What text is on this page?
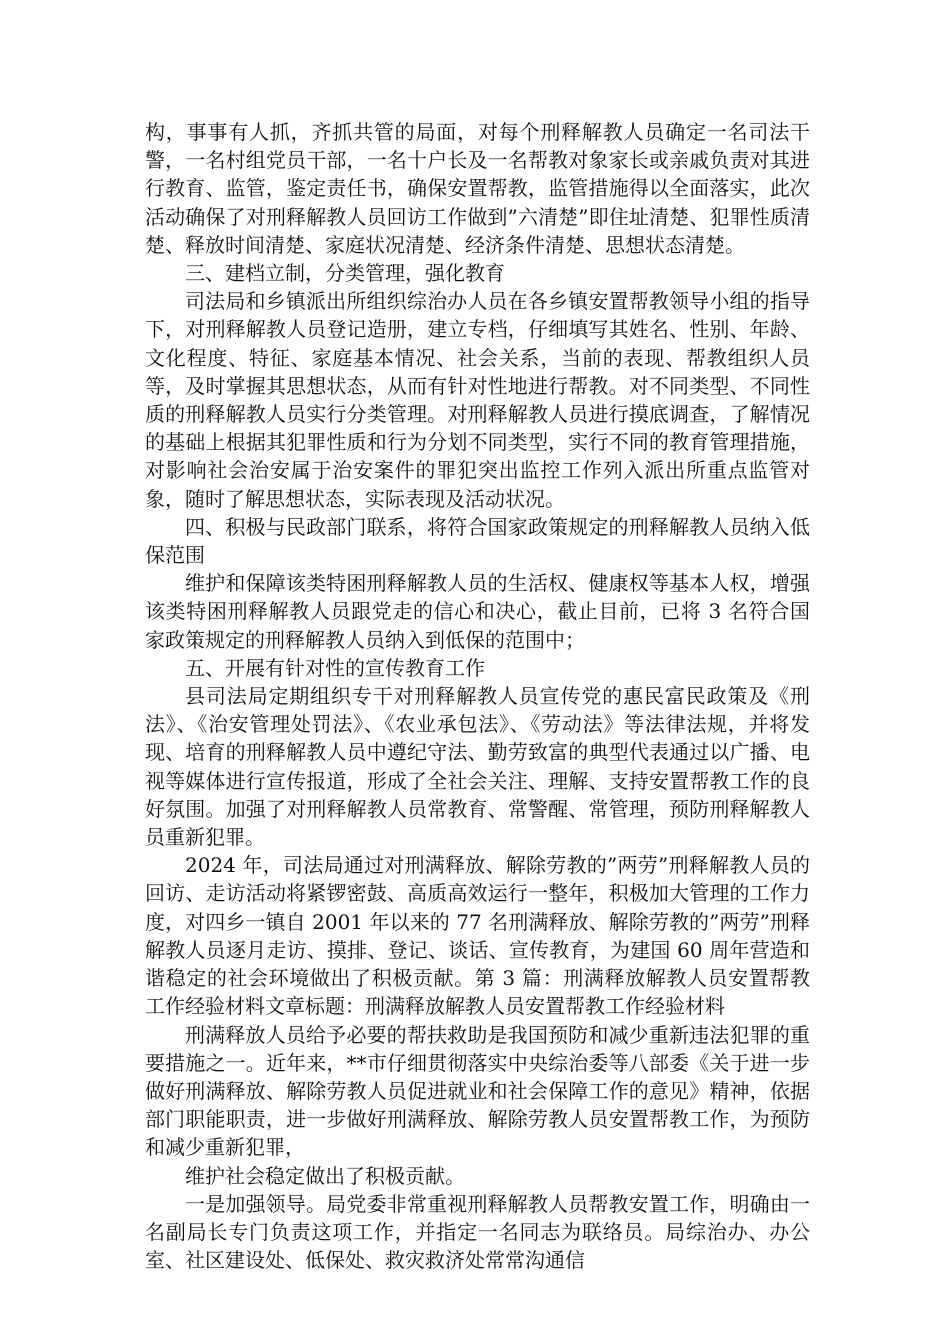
构，事事有人抓，齐抓共管的局面，对每个刑释解教人员确定一名司法干警，一名村组党员干部，一名十户长及一名帮教对象家长或亲戚负责对其进行教育、监管，鉴定责任书，确保安置帮教，监管措施得以全面落实，此次活动确保了对刑释解教人员回访工作做到”六清楚”即住址清楚、犯罪性质清楚、释放时间清楚、家庭状况清楚、经济条件清楚、思想状态清楚。

三、建档立制，分类管理，强化教育

司法局和乡镇派出所组织综治办人员在各乡镇安置帮教领导小组的指导下，对刑释解教人员登记造册，建立专档，仔细填写其姓名、性别、年龄、文化程度、特征、家庭基本情况、社会关系，当前的表现、帮教组织人员等，及时掌握其思想状态，从而有针对性地进行帮教。对不同类型、不同性质的刑释解教人员实行分类管理。对刑释解教人员进行摸底调查，了解情况的基础上根据其犯罪性质和行为分划不同类型，实行不同的教育管理措施，对影响社会治安属于治安案件的罪犯突出监控工作列入派出所重点监管对象，随时了解思想状态，实际表现及活动状况。

四、积极与民政部门联系，将符合国家政策规定的刑释解教人员纳入低保范围

维护和保障该类特困刑释解教人员的生活权、健康权等基本人权，增强该类特困刑释解教人员跟党走的信心和决心，截止目前，已将 3 名符合国家政策规定的刑释解教人员纳入到低保的范围中；

五、开展有针对性的宣传教育工作

县司法局定期组织专干对刑释解教人员宣传党的惠民富民政策及《刑法》、《治安管理处罚法》、《农业承包法》、《劳动法》等法律法规，并将发现、培育的刑释解教人员中遵纪守法、勤劳致富的典型代表通过以广播、电视等媒体进行宣传报道，形成了全社会关注、理解、支持安置帮教工作的良好氛围。加强了对刑释解教人员常教育、常警醒、常管理，预防刑释解教人员重新犯罪。

2024 年，司法局通过对刑满释放、解除劳教的”两劳”刑释解教人员的回访、走访活动将紧锣密鼓、高质高效运行一整年，积极加大管理的工作力度，对四乡一镇自 2001 年以来的 77 名刑满释放、解除劳教的”两劳”刑释解教人员逐月走访、摸排、登记、谈话、宣传教育，为建国 60 周年营造和谐稳定的社会环境做出了积极贡献。第 3 篇：刑满释放解教人员安置帮教工作经验材料文章标题：刑满释放解教人员安置帮教工作经验材料

刑满释放人员给予必要的帮扶救助是我国预防和减少重新违法犯罪的重要措施之一。近年来，**市仔细贯彻落实中央综治委等八部委《关于进一步做好刑满释放、解除劳教人员促进就业和社会保障工作的意见》精神，依据部门职能职责，进一步做好刑满释放、解除劳教人员安置帮教工作，为预防和减少重新犯罪，

维护社会稳定做出了积极贡献。

一是加强领导。局党委非常重视刑释解教人员帮教安置工作，明确由一名副局长专门负责这项工作，并指定一名同志为联络员。局综治办、办公室、社区建设处、低保处、救灾救济处常常沟通信
